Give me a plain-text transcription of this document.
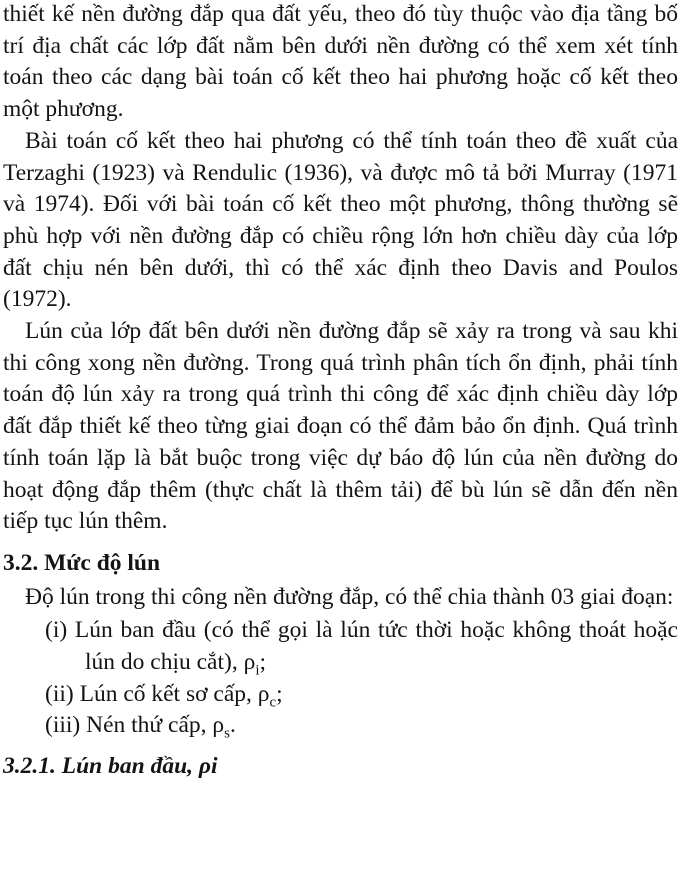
thiết kế nền đường đắp qua đất yếu, theo đó tùy thuộc vào địa tầng bố trí địa chất các lớp đất nằm bên dưới nền đường có thể xem xét tính toán theo các dạng bài toán cố kết theo hai phương hoặc cố kết theo một phương.

Bài toán cố kết theo hai phương có thể tính toán theo đề xuất của Terzaghi (1923) và Rendulic (1936), và được mô tả bởi Murray (1971 và 1974). Đối với bài toán cố kết theo một phương, thông thường sẽ phù hợp với nền đường đắp có chiều rộng lớn hơn chiều dày của lớp đất chịu nén bên dưới, thì có thể xác định theo Davis and Poulos (1972).

Lún của lớp đất bên dưới nền đường đắp sẽ xảy ra trong và sau khi thi công xong nền đường. Trong quá trình phân tích ổn định, phải tính toán độ lún xảy ra trong quá trình thi công để xác định chiều dày lớp đất đắp thiết kế theo từng giai đoạn có thể đảm bảo ổn định. Quá trình tính toán lặp là bắt buộc trong việc dự báo độ lún của nền đường do hoạt động đắp thêm (thực chất là thêm tải) để bù lún sẽ dẫn đến nền tiếp tục lún thêm.

3.2. Mức độ lún

Độ lún trong thi công nền đường đắp, có thể chia thành 03 giai đoạn:

(i) Lún ban đầu (có thể gọi là lún tức thời hoặc không thoát hoặc lún do chịu cắt), $\rho_i$;

(ii) Lún cố kết sơ cấp, $\rho_c$;

(iii) Nén thứ cấp, $\rho_s$.

3.2.1. Lún ban đầu, ρi
